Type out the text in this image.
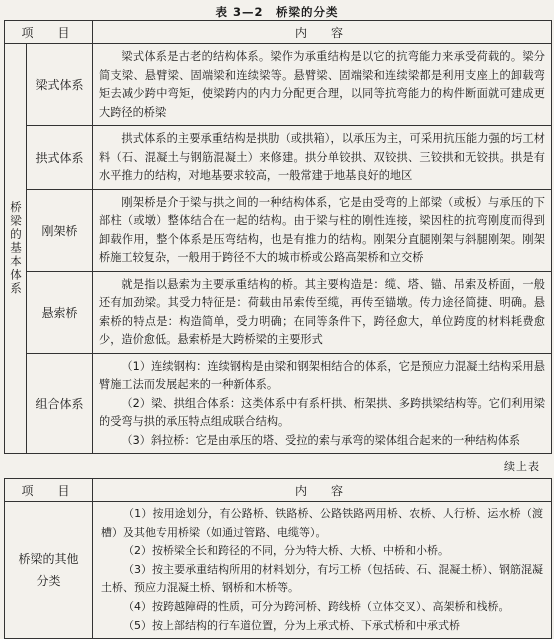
表 3—2　桥梁的分类
项　目		内　容

桥梁的基本体系	梁式体系	梁式体系是古老的结构体系。梁作为承重结构是以它的抗弯能力来承受荷载的。梁分简支梁、悬臂梁、固端梁和连续梁等。悬臂梁、固端梁和连续梁都是利用支座上的卸载弯矩去减少跨中弯矩，使梁跨内的内力分配更合理，以同等抗弯能力的构件断面就可建成更大跨径的桥梁

	拱式体系	拱式体系的主要承重结构是拱肋（或拱箱），以承压为主，可采用抗压能力强的圬工材料（石、混凝土与钢筋混凝土）来修建。拱分单铰拱、双铰拱、三铰拱和无铰拱。拱是有水平推力的结构，对地基要求较高，一般常建于地基良好的地区

	刚架桥	刚架桥是介于梁与拱之间的一种结构体系，它是由受弯的上部梁（或板）与承压的下部柱（或墩）整体结合在一起的结构。由于梁与柱的刚性连接，梁因柱的抗弯刚度而得到卸载作用，整个体系是压弯结构，也是有推力的结构。刚架分直腿刚架与斜腿刚架。刚架桥施工较复杂，一般用于跨径不大的城市桥或公路高架桥和立交桥

	悬索桥	就是指以悬索为主要承重结构的桥。其主要构造是：缆、塔、锚、吊索及桥面，一般还有加劲梁。其受力特征是：荷载由吊索传至缆，再传至锚墩。传力途径简捷、明确。悬索桥的特点是：构造简单，受力明确；在同等条件下，跨径愈大，单位跨度的材料耗费愈少，造价愈低。悬索桥是大跨桥梁的主要形式

	组合体系	（1）连续钢构：连续钢构是由梁和钢架相结合的体系，它是预应力混凝土结构采用悬臂施工法而发展起来的一种新体系。

（2）梁、拱组合体系：这类体系中有系杆拱、桁架拱、多跨拱梁结构等。它们利用梁的受弯与拱的承压特点组成联合结构。

（3）斜拉桥：它是由承压的塔、受拉的索与承弯的梁体组合起来的一种结构体系

续上表
项　目	内　容

桥梁的其他分类	（1）按用途划分，有公路桥、铁路桥、公路铁路两用桥、农桥、人行桥、运水桥（渡槽）及其他专用桥梁（如通过管路、电缆等）。

（2）按桥梁全长和跨径的不同，分为特大桥、大桥、中桥和小桥。

（3）按主要承重结构所用的材料划分，有圬工桥（包括砖、石、混凝土桥）、钢筋混凝土桥、预应力混凝土桥、钢桥和木桥等。

（4）按跨越障碍的性质，可分为跨河桥、跨线桥（立体交叉）、高架桥和栈桥。

（5）按上部结构的行车道位置，分为上承式桥、下承式桥和中承式桥
